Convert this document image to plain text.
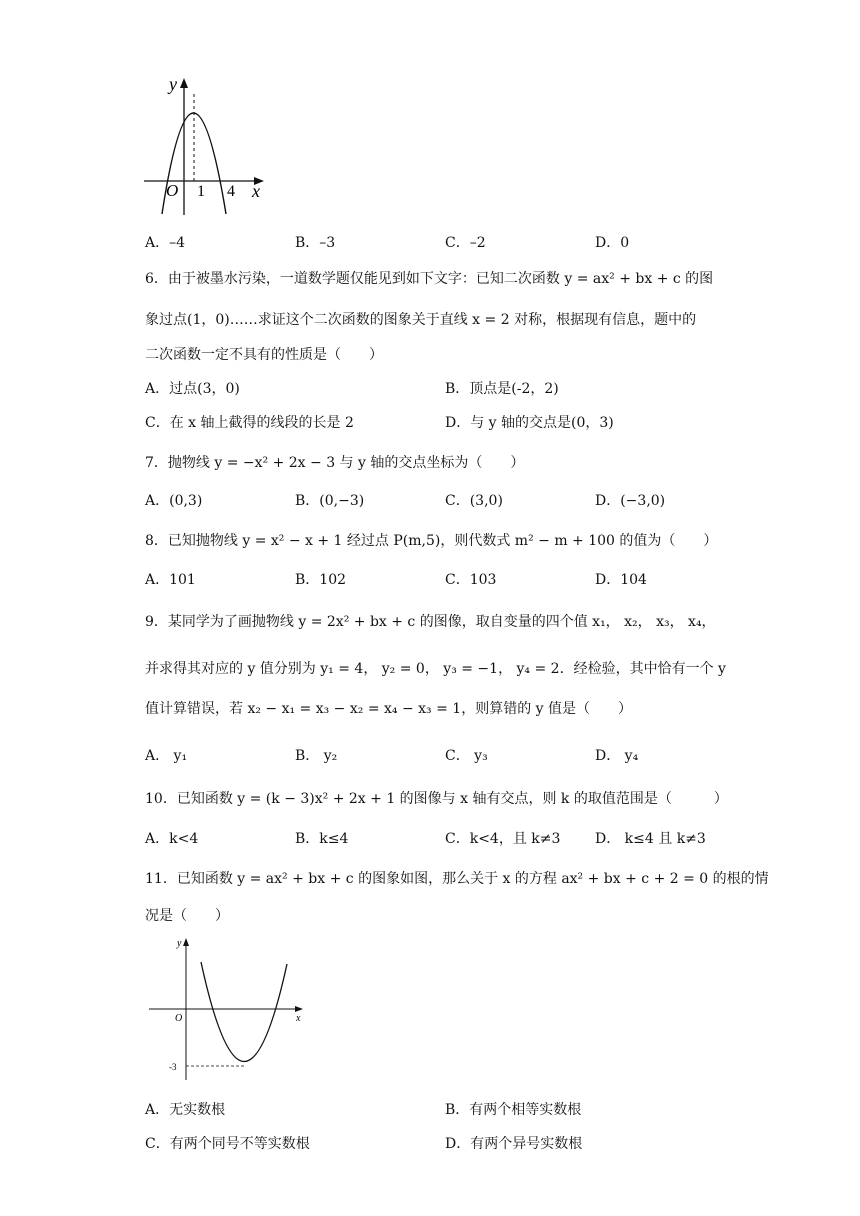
y
x
O 1 4
A．–4	B．–3	C．–2	D．0
6．由于被墨水污染，一道数学题仅能见到如下文字：已知二次函数 y = ax² + bx + c 的图
象过点(1，0)……求证这个二次函数的图象关于直线 x = 2 对称，根据现有信息，题中的
二次函数一定不具有的性质是（　　）
A．过点(3，0)	B．顶点是(-2，2)
C．在 x 轴上截得的线段的长是 2	D．与 y 轴的交点是(0，3)
7．抛物线 y = −x² + 2x − 3 与 y 轴的交点坐标为（　　）
A．(0,3)	B．(0,−3)	C．(3,0)	D．(−3,0)
8．已知抛物线 y = x² − x + 1 经过点 P(m,5)，则代数式 m² − m + 100 的值为（　　）
A．101	B．102	C．103	D．104
9．某同学为了画抛物线 y = 2x² + bx + c 的图像，取自变量的四个值 x₁， x₂， x₃， x₄，
并求得其对应的 y 值分别为 y₁ = 4， y₂ = 0， y₃ = −1， y₄ = 2．经检验，其中恰有一个 y
值计算错误，若 x₂ − x₁ = x₃ − x₂ = x₄ − x₃ = 1，则算错的 y 值是（　　）
A． y₁	B． y₂	C． y₃	D． y₄
10．已知函数 y = (k − 3)x² + 2x + 1 的图像与 x 轴有交点，则 k 的取值范围是（　　　）
A．k<4	B．k≤4	C．k<4，且 k≠3 D． k≤4 且 k≠3
11．已知函数 y = ax² + bx + c 的图象如图，那么关于 x 的方程 ax² + bx + c + 2 = 0 的根的情
况是（　　）
y
x
O
-3
A．无实数根	B．有两个相等实数根
C．有两个同号不等实数根	D．有两个异号实数根
